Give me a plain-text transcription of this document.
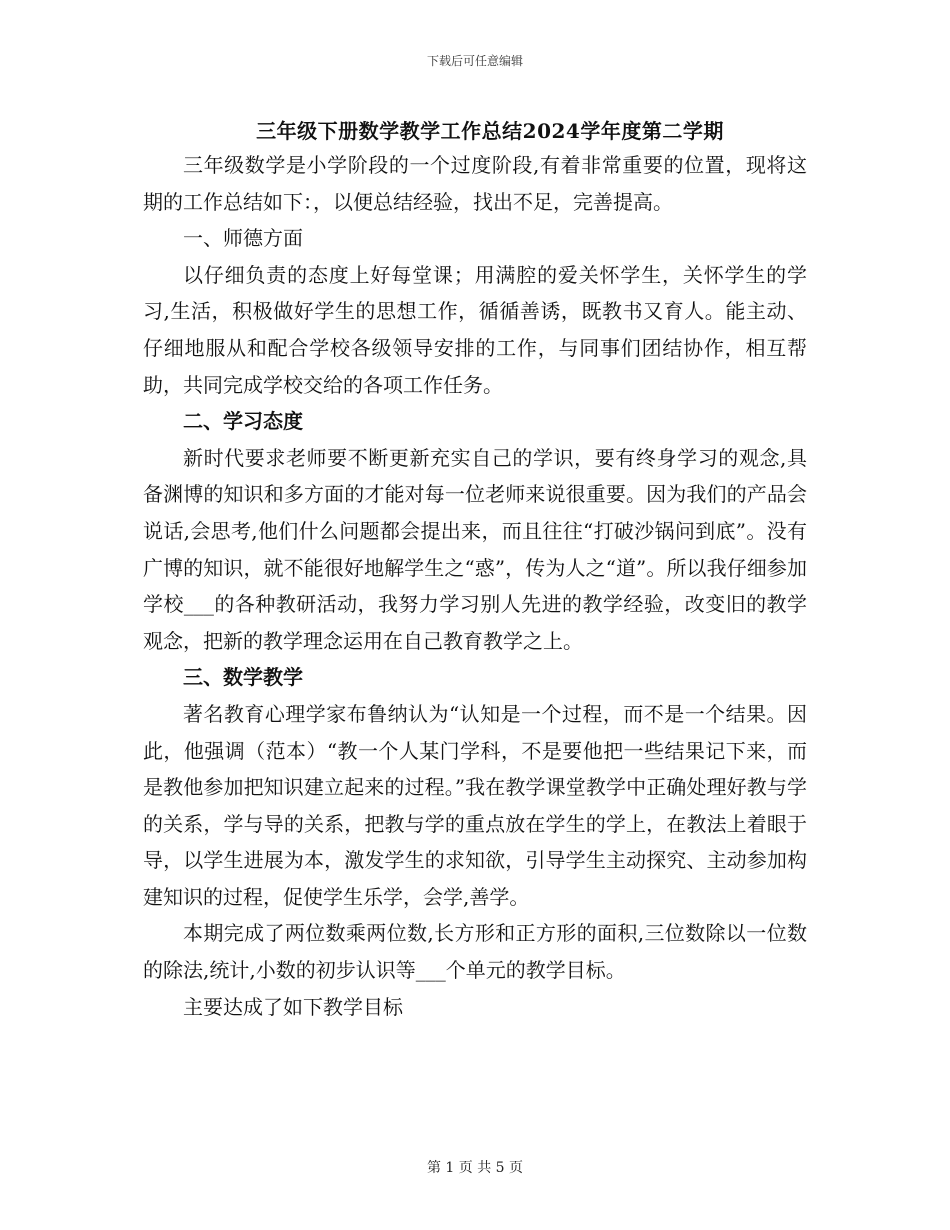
下载后可任意编辑
三年级下册数学教学工作总结2024学年度第二学期

三年级数学是小学阶段的一个过度阶段,有着非常重要的位置，现将这期的工作总结如下：，以便总结经验，找出不足，完善提高。

一、师德方面

以仔细负责的态度上好每堂课；用满腔的爱关怀学生，关怀学生的学习,生活，积极做好学生的思想工作，循循善诱，既教书又育人。能主动、仔细地服从和配合学校各级领导安排的工作，与同事们团结协作，相互帮助，共同完成学校交给的各项工作任务。

二、学习态度

新时代要求老师要不断更新充实自己的学识，要有终身学习的观念,具备渊博的知识和多方面的才能对每一位老师来说很重要。因为我们的产品会说话,会思考,他们什么问题都会提出来，而且往往“打破沙锅问到底”。没有广博的知识，就不能很好地解学生之“惑”，传为人之“道”。所以我仔细参加学校___的各种教研活动，我努力学习别人先进的教学经验，改变旧的教学观念，把新的教学理念运用在自己教育教学之上。

三、数学教学

著名教育心理学家布鲁纳认为“认知是一个过程，而不是一个结果。因此，他强调（范本）“教一个人某门学科，不是要他把一些结果记下来，而是教他参加把知识建立起来的过程。”我在教学课堂教学中正确处理好教与学的关系，学与导的关系，把教与学的重点放在学生的学上，在教法上着眼于导，以学生进展为本，激发学生的求知欲，引导学生主动探究、主动参加构建知识的过程，促使学生乐学，会学,善学。

本期完成了两位数乘两位数,长方形和正方形的面积,三位数除以一位数的除法,统计,小数的初步认识等___个单元的教学目标。

主要达成了如下教学目标

第 1 页 共 5 页
